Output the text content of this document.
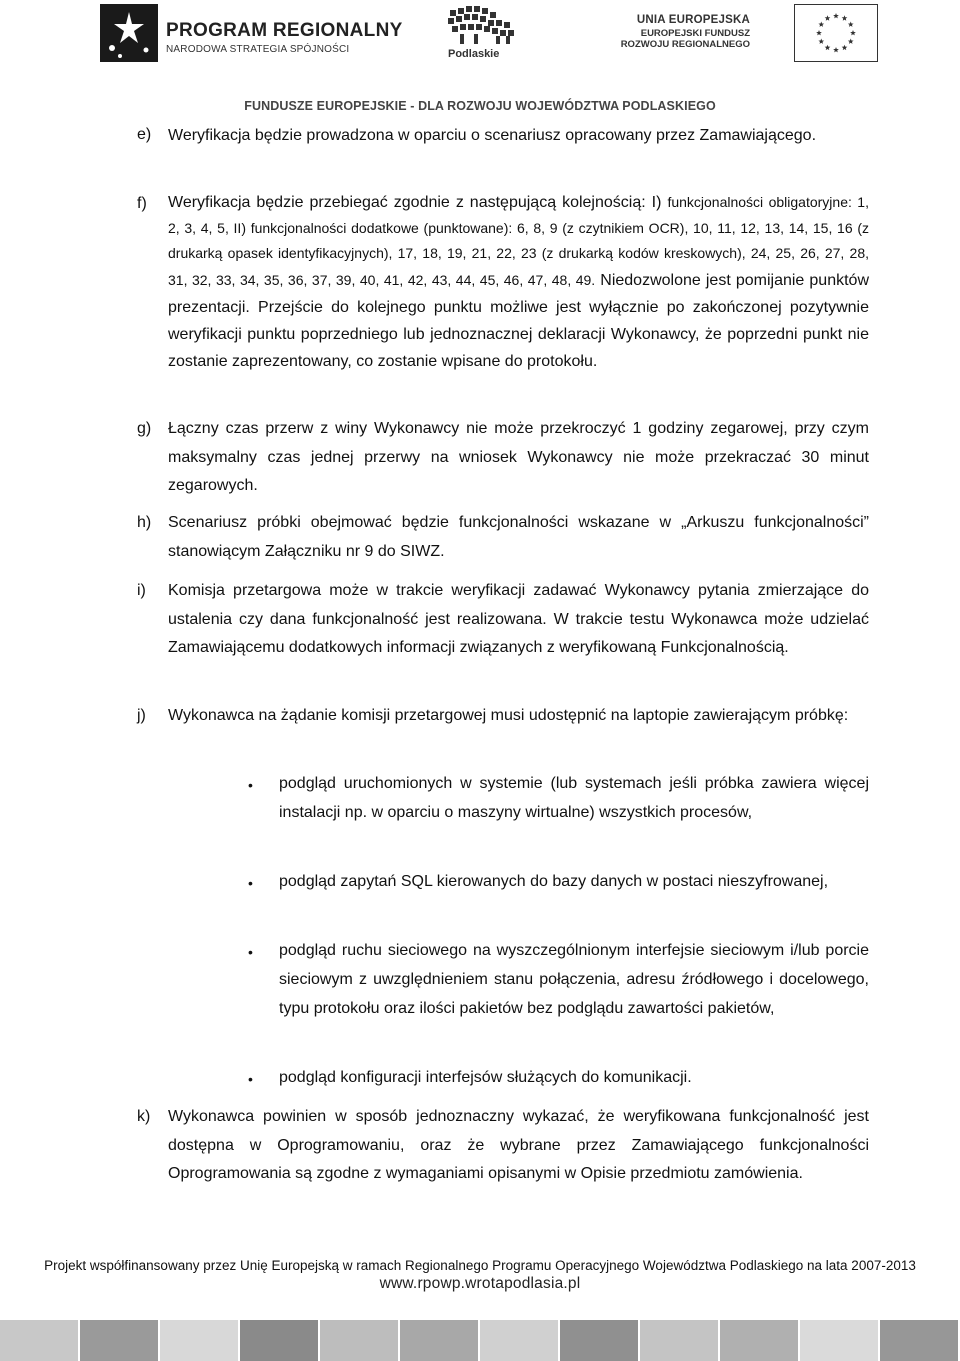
PROGRAM REGIONALNY
NARODOWA STRATEGIA SPÓJNOŚCI	Podlaskie
UNIA EUROPEJSKA
EUROPEJSKI FUNDUSZ
ROZWOJU REGIONALNEGO
FUNDUSZE EUROPEJSKIE - DLA ROZWOJU WOJEWÓDZTWA PODLASKIEGO
e) Weryfikacja będzie prowadzona w oparciu o scenariusz opracowany przez Zamawiającego.
f) Weryfikacja będzie przebiegać zgodnie z następującą kolejnością: I) funkcjonalności obligatoryjne: 1, 2, 3, 4, 5, II) funkcjonalności dodatkowe (punktowane): 6, 8, 9 (z czytnikiem OCR), 10, 11, 12, 13, 14, 15, 16 (z drukarką opasek identyfikacyjnych), 17, 18, 19, 21, 22, 23 (z drukarką kodów kreskowych), 24, 25, 26, 27, 28, 31, 32, 33, 34, 35, 36, 37, 39, 40, 41, 42, 43, 44, 45, 46, 47, 48, 49. Niedozwolone jest pomijanie punktów prezentacji. Przejście do kolejnego punktu możliwe jest wyłącznie po zakończonej pozytywnie weryfikacji punktu poprzedniego lub jednoznacznej deklaracji Wykonawcy, że poprzedni punkt nie zostanie zaprezentowany, co zostanie wpisane do protokołu.
g) Łączny czas przerw z winy Wykonawcy nie może przekroczyć 1 godziny zegarowej, przy czym maksymalny czas jednej przerwy na wniosek Wykonawcy nie może przekraczać 30 minut zegarowych.
h) Scenariusz próbki obejmować będzie funkcjonalności wskazane w „Arkuszu funkcjonalności” stanowiącym Załączniku nr 9 do SIWZ.
i) Komisja przetargowa może w trakcie weryfikacji zadawać Wykonawcy pytania zmierzające do ustalenia czy dana funkcjonalność jest realizowana. W trakcie testu Wykonawca może udzielać Zamawiającemu dodatkowych informacji związanych z weryfikowaną Funkcjonalnością.
j) Wykonawca na żądanie komisji przetargowej musi udostępnić na laptopie zawierającym próbkę:
• podgląd uruchomionych w systemie (lub systemach jeśli próbka zawiera więcej instalacji np. w oparciu o maszyny wirtualne) wszystkich procesów,
• podgląd zapytań SQL kierowanych do bazy danych w postaci nieszyfrowanej,
• podgląd ruchu sieciowego na wyszczególnionym interfejsie sieciowym i/lub porcie sieciowym z uwzględnieniem stanu połączenia, adresu źródłowego i docelowego, typu protokołu oraz ilości pakietów bez podglądu zawartości pakietów,
• podgląd konfiguracji interfejsów służących do komunikacji.
k) Wykonawca powinien w sposób jednoznaczny wykazać, że weryfikowana funkcjonalność jest dostępna w Oprogramowaniu, oraz że wybrane przez Zamawiającego funkcjonalności Oprogramowania są zgodne z wymaganiami opisanymi w Opisie przedmiotu zamówienia.
Projekt współfinansowany przez Unię Europejską w ramach Regionalnego Programu Operacyjnego Województwa Podlaskiego na lata 2007-2013
www.rpowp.wrotapodlasia.pl
